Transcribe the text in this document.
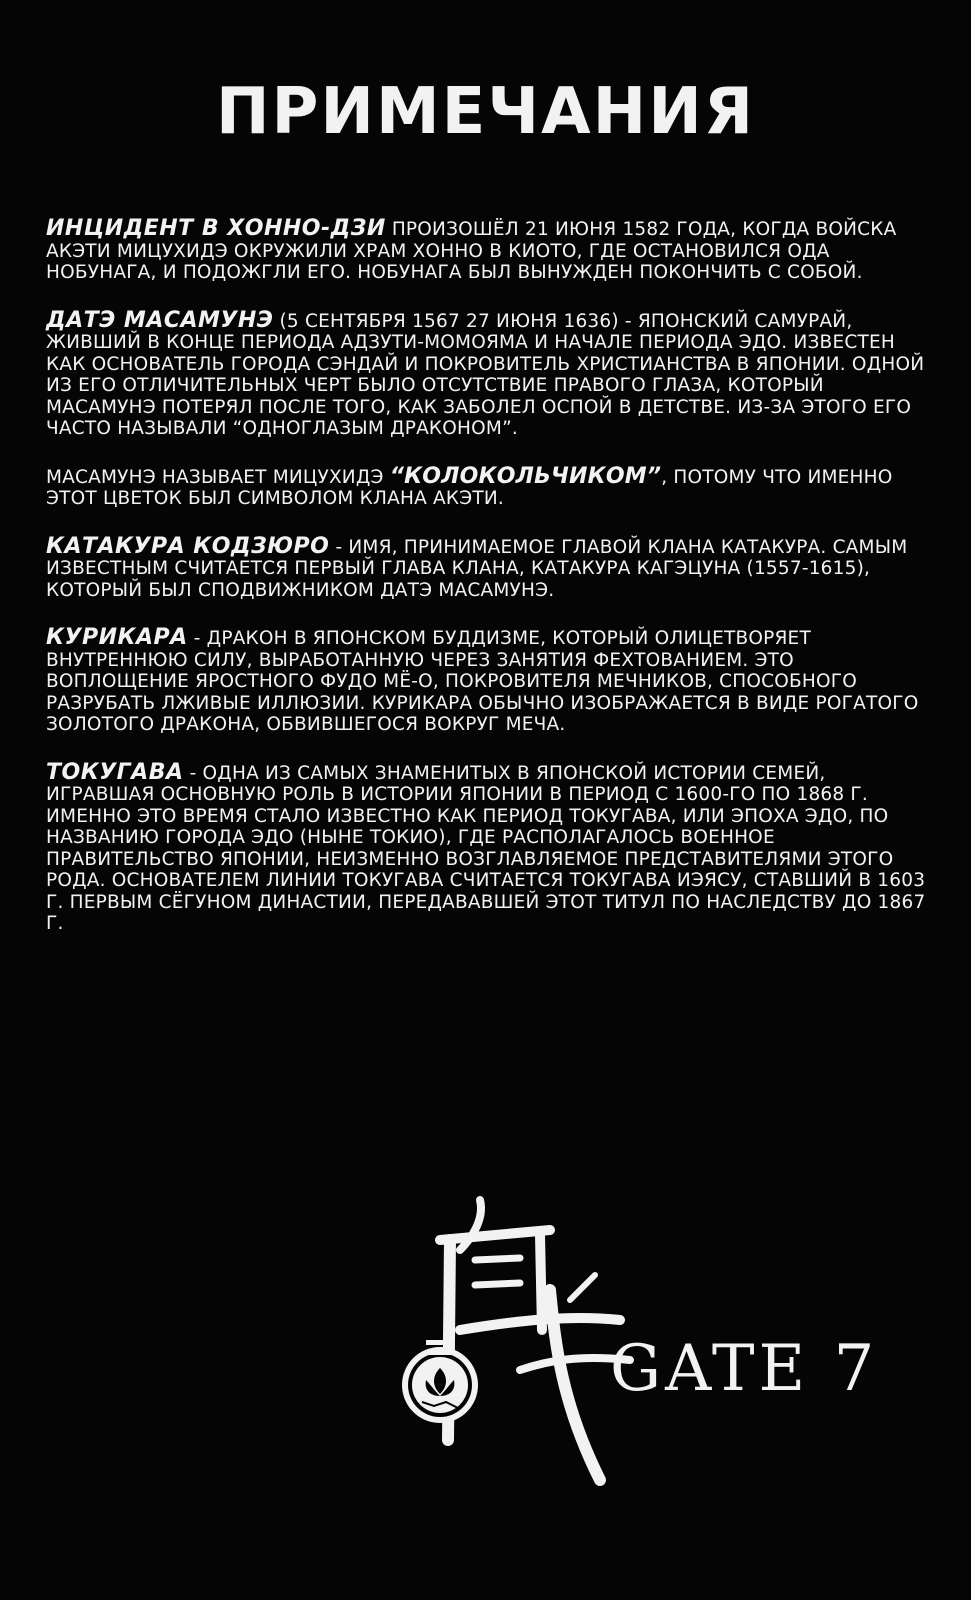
ПРИМЕЧАНИЯ

ИНЦИДЕНТ В ХОННО-ДЗИ ПРОИЗОШЁЛ 21 ИЮНЯ 1582 ГОДА, КОГДА ВОЙСКА АКЭТИ МИЦУХИДЭ ОКРУЖИЛИ ХРАМ ХОННО В КИОТО, ГДЕ ОСТАНОВИЛСЯ ОДА НОБУНАГА, И ПОДОЖГЛИ ЕГО. НОБУНАГА БЫЛ ВЫНУЖДЕН ПОКОНЧИТЬ С СОБОЙ.

ДАТЭ МАСАМУНЭ (5 СЕНТЯБРЯ 1567 27 ИЮНЯ 1636) - ЯПОНСКИЙ САМУРАЙ, ЖИВШИЙ В КОНЦЕ ПЕРИОДА АДЗУТИ-МОМОЯМА И НАЧАЛЕ ПЕРИОДА ЭДО. ИЗВЕСТЕН КАК ОСНОВАТЕЛЬ ГОРОДА СЭНДАЙ И ПОКРОВИТЕЛЬ ХРИСТИАНСТВА В ЯПОНИИ. ОДНОЙ ИЗ ЕГО ОТЛИЧИТЕЛЬНЫХ ЧЕРТ БЫЛО ОТСУТСТВИЕ ПРАВОГО ГЛАЗА, КОТОРЫЙ МАСАМУНЭ ПОТЕРЯЛ ПОСЛЕ ТОГО, КАК ЗАБОЛЕЛ ОСПОЙ В ДЕТСТВЕ. ИЗ-ЗА ЭТОГО ЕГО ЧАСТО НАЗЫВАЛИ “ОДНОГЛАЗЫМ ДРАКОНОМ”.

МАСАМУНЭ НАЗЫВАЕТ МИЦУХИДЭ “КОЛОКОЛЬЧИКОМ”, ПОТОМУ ЧТО ИМЕННО ЭТОТ ЦВЕТОК БЫЛ СИМВОЛОМ КЛАНА АКЭТИ.

КАТАКУРА КОДЗЮРО - ИМЯ, ПРИНИМАЕМОЕ ГЛАВОЙ КЛАНА КАТАКУРА. САМЫМ ИЗВЕСТНЫМ СЧИТАЕТСЯ ПЕРВЫЙ ГЛАВА КЛАНА, КАТАКУРА КАГЭЦУНА (1557-1615), КОТОРЫЙ БЫЛ СПОДВИЖНИКОМ ДАТЭ МАСАМУНЭ.

КУРИКАРА - ДРАКОН В ЯПОНСКОМ БУДДИЗМЕ, КОТОРЫЙ ОЛИЦЕТВОРЯЕТ ВНУТРЕННЮЮ СИЛУ, ВЫРАБОТАННУЮ ЧЕРЕЗ ЗАНЯТИЯ ФЕХТОВАНИЕМ. ЭТО ВОПЛОЩЕНИЕ ЯРОСТНОГО ФУДО МЁ-О, ПОКРОВИТЕЛЯ МЕЧНИКОВ, СПОСОБНОГО РАЗРУБАТЬ ЛЖИВЫЕ ИЛЛЮЗИИ. КУРИКАРА ОБЫЧНО ИЗОБРАЖАЕТСЯ В ВИДЕ РОГАТОГО ЗОЛОТОГО ДРАКОНА, ОБВИВШЕГОСЯ ВОКРУГ МЕЧА.

ТОКУГАВА - ОДНА ИЗ САМЫХ ЗНАМЕНИТЫХ В ЯПОНСКОЙ ИСТОРИИ СЕМЕЙ, ИГРАВШАЯ ОСНОВНУЮ РОЛЬ В ИСТОРИИ ЯПОНИИ В ПЕРИОД С 1600-ГО ПО 1868 Г. ИМЕННО ЭТО ВРЕМЯ СТАЛО ИЗВЕСТНО КАК ПЕРИОД ТОКУГАВА, ИЛИ ЭПОХА ЭДО, ПО НАЗВАНИЮ ГОРОДА ЭДО (НЫНЕ ТОКИО), ГДЕ РАСПОЛАГАЛОСЬ ВОЕННОЕ ПРАВИТЕЛЬСТВО ЯПОНИИ, НЕИЗМЕННО ВОЗГЛАВЛЯЕМОЕ ПРЕДСТАВИТЕЛЯМИ ЭТОГО РОДА. ОСНОВАТЕЛЕМ ЛИНИИ ТОКУГАВА СЧИТАЕТСЯ ТОКУГАВА ИЭЯСУ, СТАВШИЙ В 1603 Г. ПЕРВЫМ СЁГУНОМ ДИНАСТИИ, ПЕРЕДАВАВШЕЙ ЭТОТ ТИТУЛ ПО НАСЛЕДСТВУ ДО 1867 Г.

GATE 7
